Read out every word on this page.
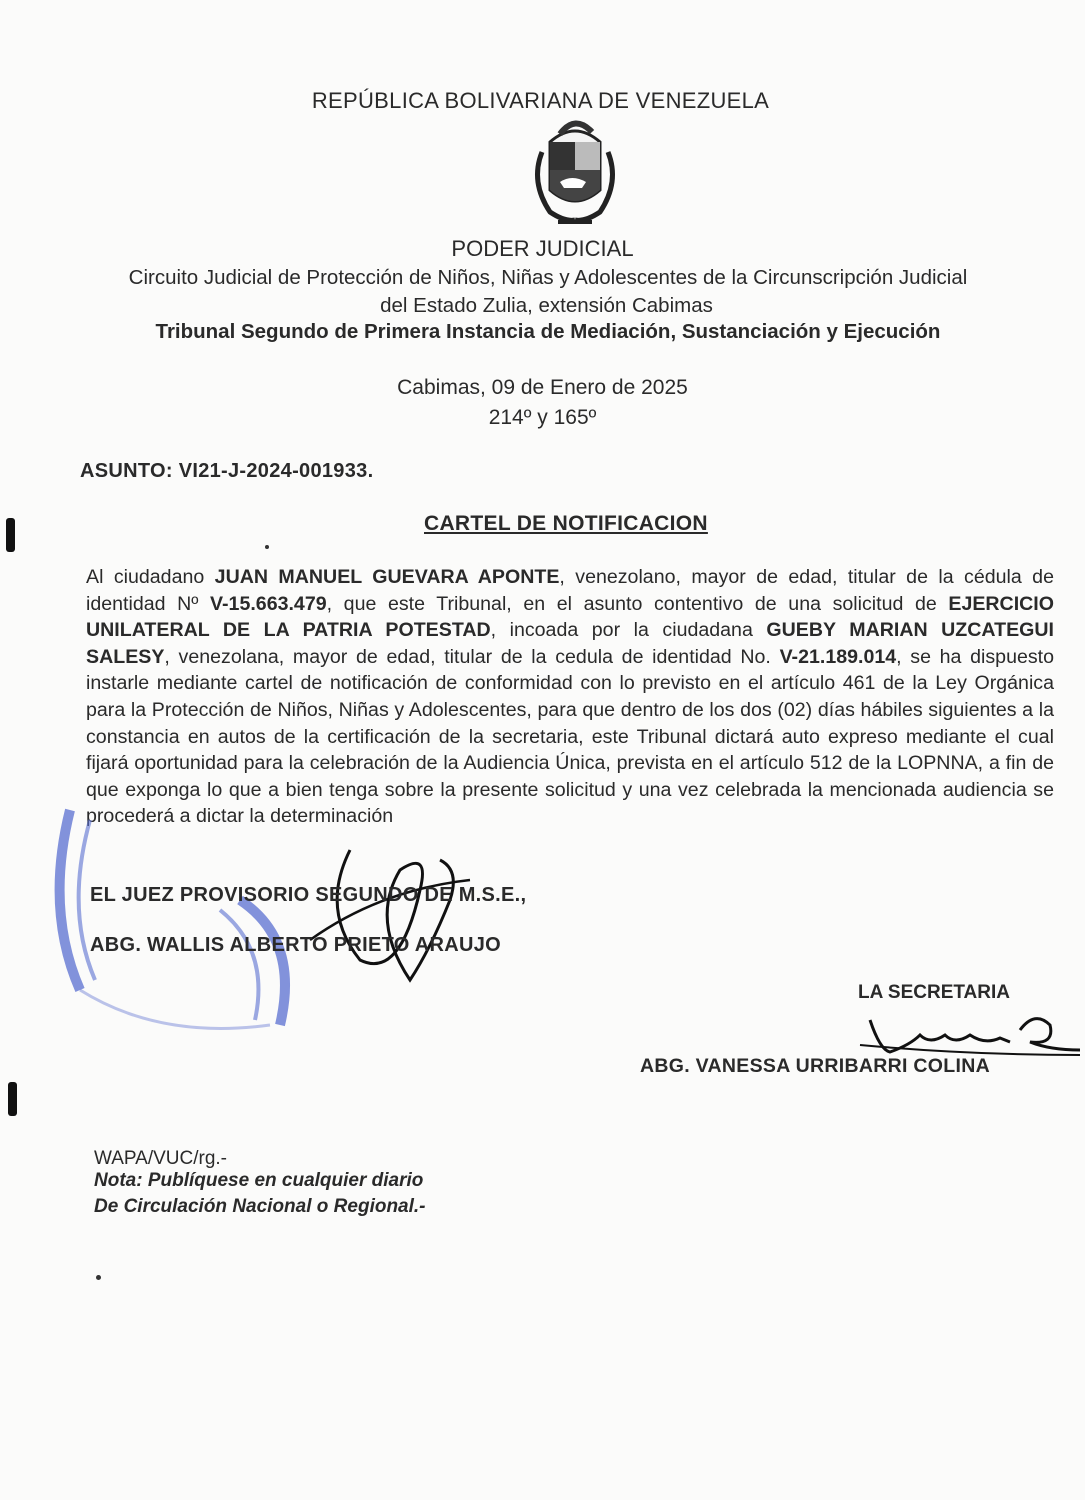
REPÚBLICA BOLIVARIANA DE VENEZUELA
PODER JUDICIAL
Circuito Judicial de Protección de Niños, Niñas y Adolescentes de la Circunscripción Judicial
del Estado Zulia, extensión Cabimas
Tribunal Segundo de Primera Instancia de Mediación, Sustanciación y Ejecución
Cabimas, 09 de Enero de 2025
214º y 165º
ASUNTO: VI21-J-2024-001933.
CARTEL DE NOTIFICACION
Al ciudadano JUAN MANUEL GUEVARA APONTE, venezolano, mayor de edad, titular de la cédula de identidad Nº V-15.663.479, que este Tribunal, en el asunto contentivo de una solicitud de EJERCICIO UNILATERAL DE LA PATRIA POTESTAD, incoada por la ciudadana GUEBY MARIAN UZCATEGUI SALESY, venezolana, mayor de edad, titular de la cedula de identidad No. V-21.189.014, se ha dispuesto instarle mediante cartel de notificación de conformidad con lo previsto en el artículo 461 de la Ley Orgánica para la Protección de Niños, Niñas y Adolescentes, para que dentro de los dos (02) días hábiles siguientes a la constancia en autos de la certificación de la secretaria, este Tribunal dictará auto expreso mediante el cual fijará oportunidad para la celebración de la Audiencia Única, prevista en el artículo 512 de la LOPNNA, a fin de que exponga lo que a bien tenga sobre la presente solicitud y una vez celebrada la mencionada audiencia se procederá a dictar la determinación
EL JUEZ PROVISORIO SEGUNDO DE M.S.E.,
ABG. WALLIS ALBERTO PRIETO ARAUJO
LA SECRETARIA
ABG. VANESSA URRIBARRI COLINA
WAPA/VUC/rg.-
Nota: Publíquese en cualquier diario
De Circulación Nacional o Regional.-
